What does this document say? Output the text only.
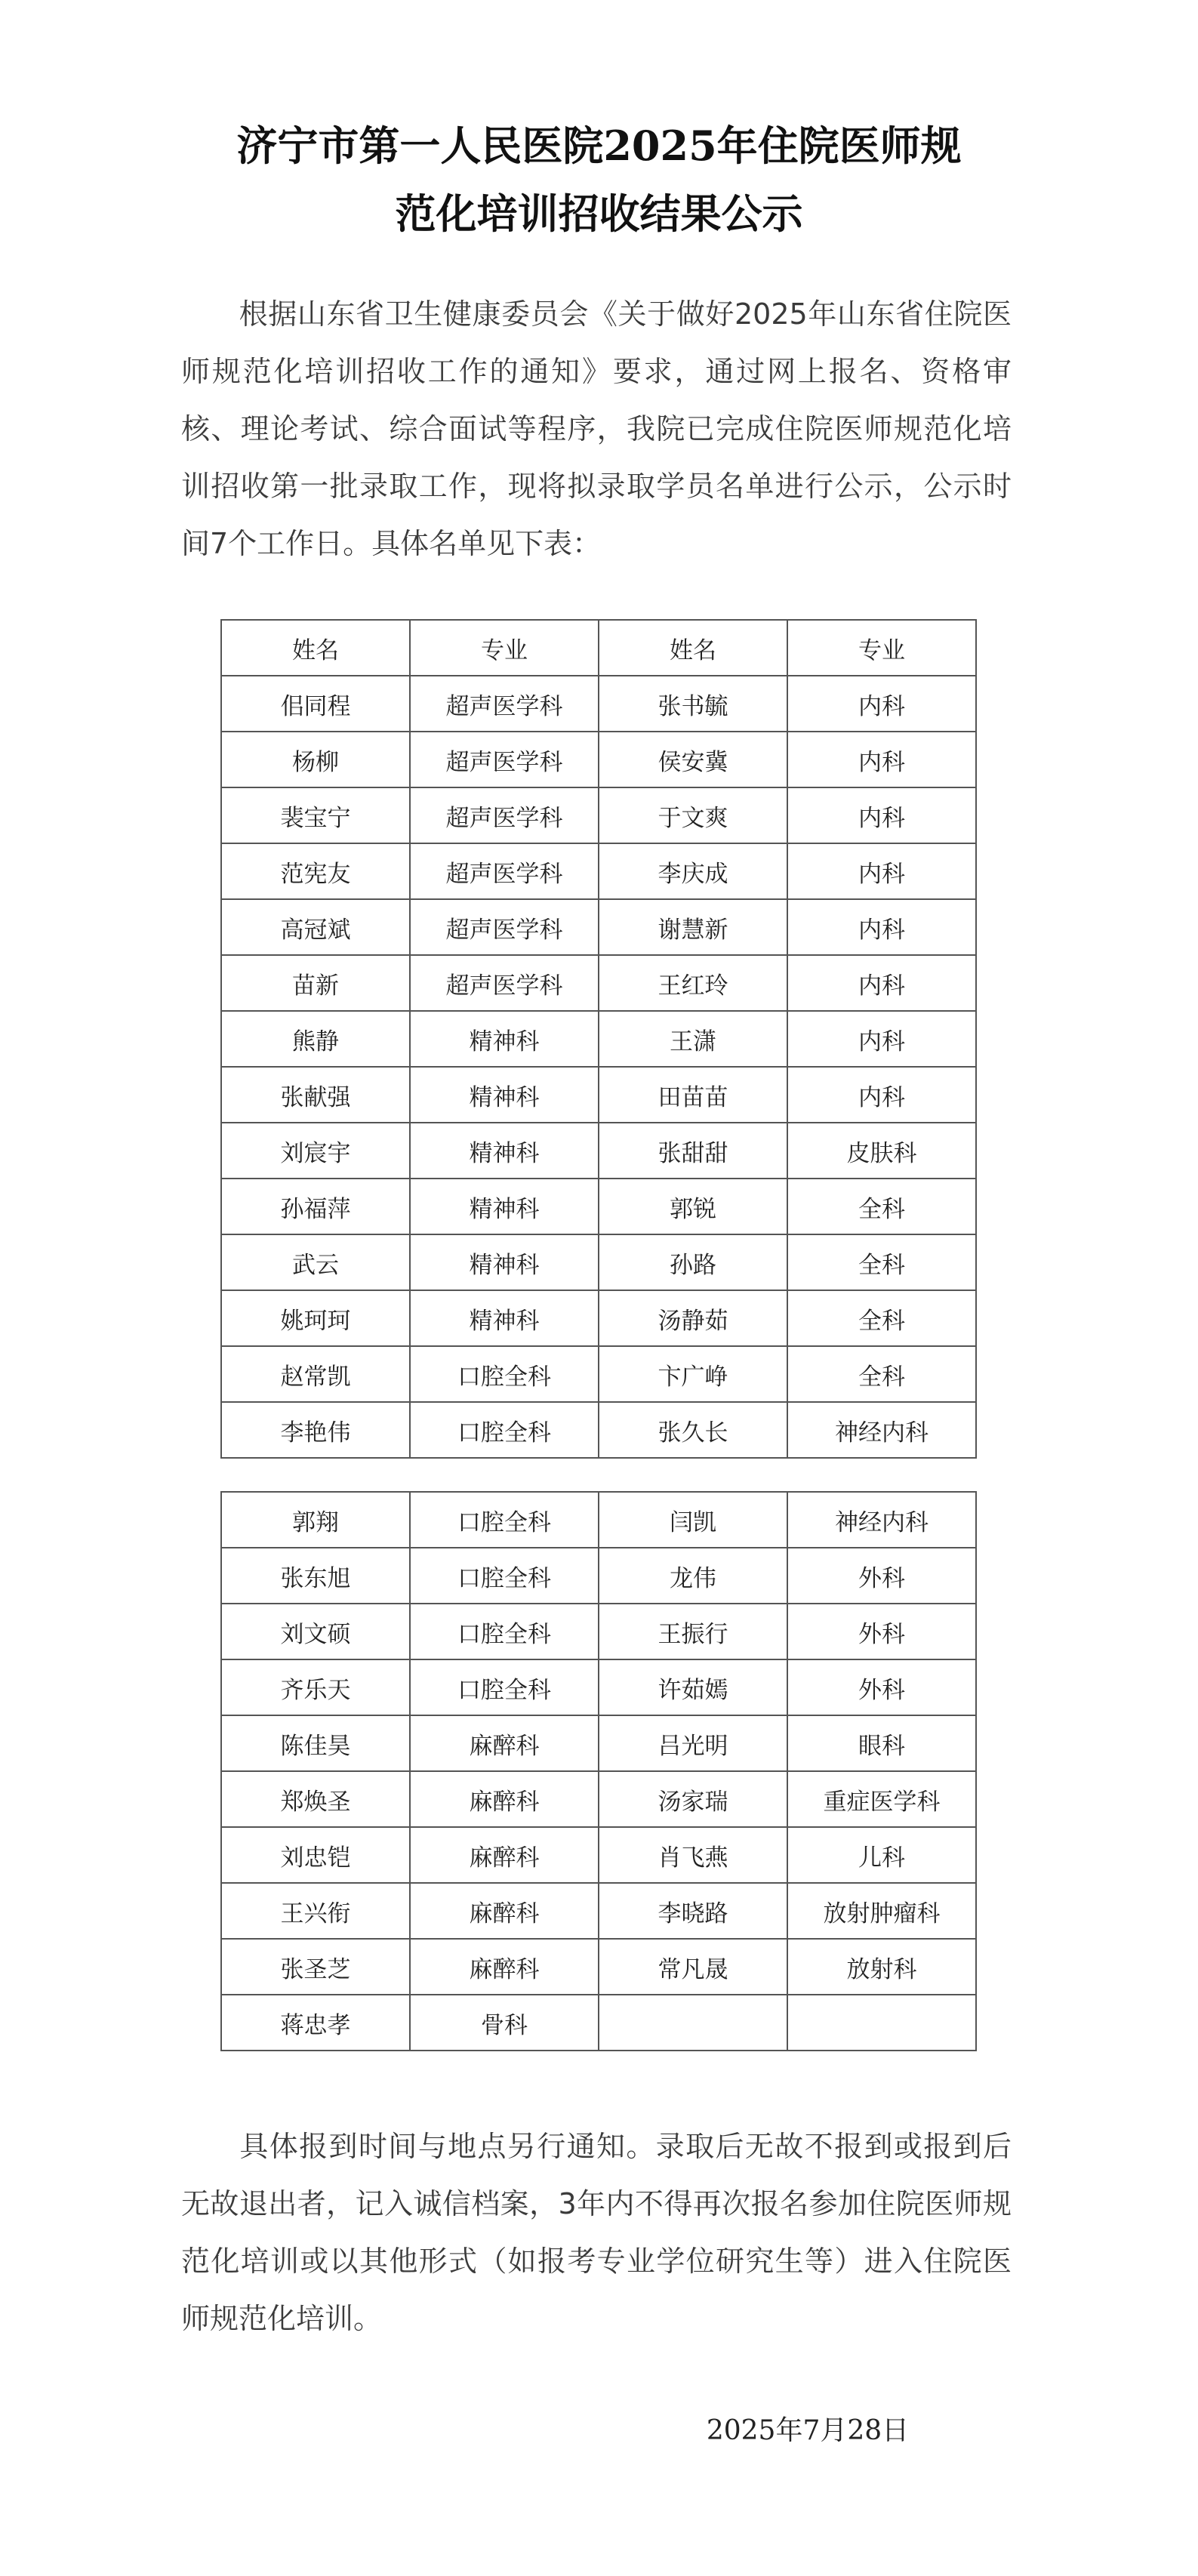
济宁市第一人民医院2025年住院医师规
范化培训招收结果公示
根据山东省卫生健康委员会《关于做好2025年山东省住院医师规范化培训招收工作的通知》要求，通过网上报名、资格审核、理论考试、综合面试等程序，我院已完成住院医师规范化培训招收第一批录取工作，现将拟录取学员名单进行公示，公示时间7个工作日。具体名单见下表：
姓名	专业	姓名	专业
佀同程	超声医学科	张书毓	内科
杨柳	超声医学科	侯安冀	内科
裴宝宁	超声医学科	于文爽	内科
范宪友	超声医学科	李庆成	内科
高冠斌	超声医学科	谢慧新	内科
苗新	超声医学科	王红玲	内科
熊静	精神科	王潇	内科
张献强	精神科	田苗苗	内科
刘宸宇	精神科	张甜甜	皮肤科
孙福萍	精神科	郭锐	全科
武云	精神科	孙路	全科
姚珂珂	精神科	汤静茹	全科
赵常凯	口腔全科	卞广峥	全科
李艳伟	口腔全科	张久长	神经内科
郭翔	口腔全科	闫凯	神经内科
张东旭	口腔全科	龙伟	外科
刘文硕	口腔全科	王振行	外科
齐乐天	口腔全科	许茹嫣	外科
陈佳昊	麻醉科	吕光明	眼科
郑焕圣	麻醉科	汤家瑞	重症医学科
刘忠铠	麻醉科	肖飞燕	儿科
王兴衔	麻醉科	李晓路	放射肿瘤科
张圣芝	麻醉科	常凡晟	放射科
蒋忠孝	骨科		
具体报到时间与地点另行通知。录取后无故不报到或报到后无故退出者，记入诚信档案，3年内不得再次报名参加住院医师规范化培训或以其他形式（如报考专业学位研究生等）进入住院医师规范化培训。
2025年7月28日
